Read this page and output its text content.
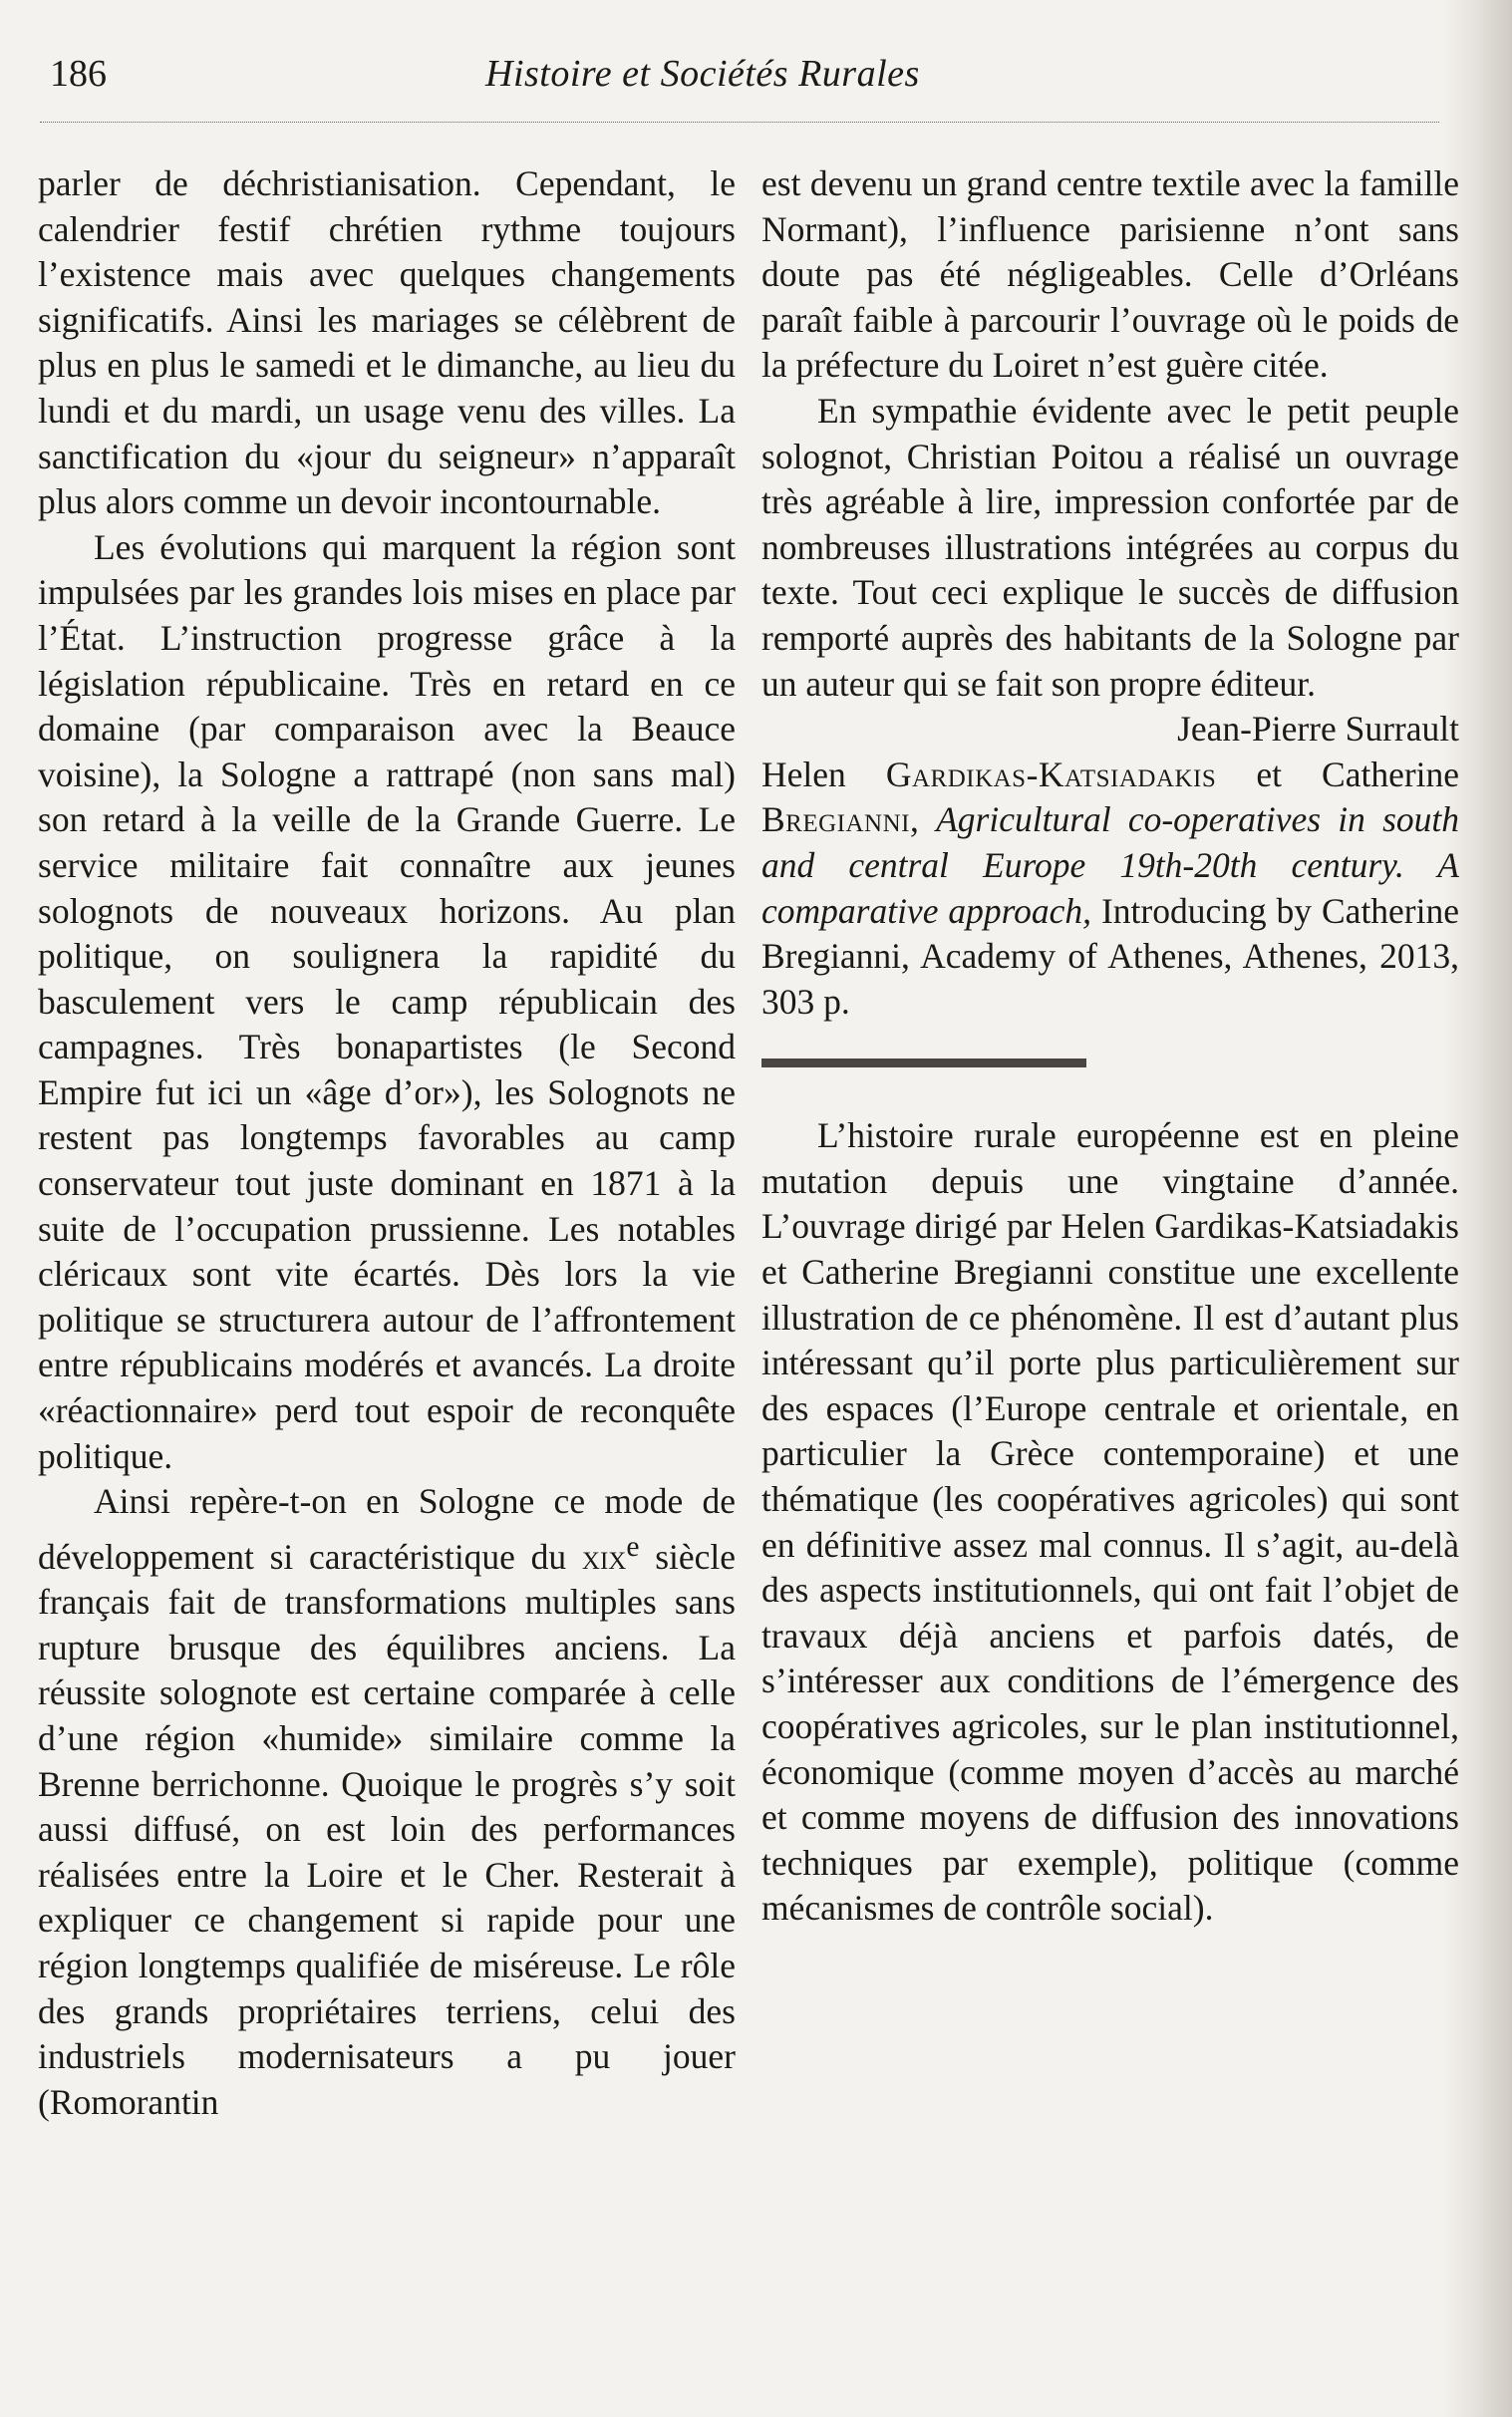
186	Histoire et Sociétés Rurales

parler de déchristianisation. Cependant, le calendrier festif chrétien rythme toujours l’existence mais avec quelques changements significatifs. Ainsi les mariages se célèbrent de plus en plus le samedi et le dimanche, au lieu du lundi et du mardi, un usage venu des villes. La sanctification du «jour du seigneur» n’apparaît plus alors comme un devoir incontournable.

Les évolutions qui marquent la région sont impulsées par les grandes lois mises en place par l’État. L’instruction progresse grâce à la législation républicaine. Très en retard en ce domaine (par comparaison avec la Beauce voisine), la Sologne a rattrapé (non sans mal) son retard à la veille de la Grande Guerre. Le service militaire fait connaître aux jeunes solognots de nouveaux horizons. Au plan politique, on soulignera la rapidité du basculement vers le camp républicain des campagnes. Très bonapartistes (le Second Empire fut ici un «âge d’or»), les Solognots ne restent pas longtemps favorables au camp conservateur tout juste dominant en 1871 à la suite de l’occupation prussienne. Les notables cléricaux sont vite écartés. Dès lors la vie politique se structurera autour de l’affrontement entre républicains modérés et avancés. La droite «réactionnaire» perd tout espoir de reconquête politique.

Ainsi repère-t-on en Sologne ce mode de développement si caractéristique du xix$^e$ siècle français fait de transformations multiples sans rupture brusque des équilibres anciens. La réussite solognote est certaine comparée à celle d’une région «humide» similaire comme la Brenne berrichonne. Quoique le progrès s’y soit aussi diffusé, on est loin des performances réalisées entre la Loire et le Cher. Resterait à expliquer ce changement si rapide pour une région longtemps qualifiée de miséreuse. Le rôle des grands propriétaires terriens, celui des industriels modernisateurs a pu jouer (Romorantin

est devenu un grand centre textile avec la famille Normant), l’influence parisienne n’ont sans doute pas été négligeables. Celle d’Orléans paraît faible à parcourir l’ouvrage où le poids de la préfecture du Loiret n’est guère citée.

En sympathie évidente avec le petit peuple solognot, Christian Poitou a réalisé un ouvrage très agréable à lire, impression confortée par de nombreuses illustrations intégrées au corpus du texte. Tout ceci explique le succès de diffusion remporté auprès des habitants de la Sologne par un auteur qui se fait son propre éditeur.

Jean-Pierre Surrault

Helen Gardikas-Katsiadakis et Catherine Bregianni, Agricultural co-operatives in south and central Europe 19th-20th century. A comparative approach, Introducing by Catherine Bregianni, Academy of Athenes, Athenes, 2013, 303 p.

L’histoire rurale européenne est en pleine mutation depuis une vingtaine d’année. L’ouvrage dirigé par Helen Gardikas-Katsiadakis et Catherine Bregianni constitue une excellente illustration de ce phénomène. Il est d’autant plus intéressant qu’il porte plus particulièrement sur des espaces (l’Europe centrale et orientale, en particulier la Grèce contemporaine) et une thématique (les coopératives agricoles) qui sont en définitive assez mal connus. Il s’agit, au-delà des aspects institutionnels, qui ont fait l’objet de travaux déjà anciens et parfois datés, de s’intéresser aux conditions de l’émergence des coopératives agricoles, sur le plan institutionnel, économique (comme moyen d’accès au marché et comme moyens de diffusion des innovations techniques par exemple), politique (comme mécanismes de contrôle social).
